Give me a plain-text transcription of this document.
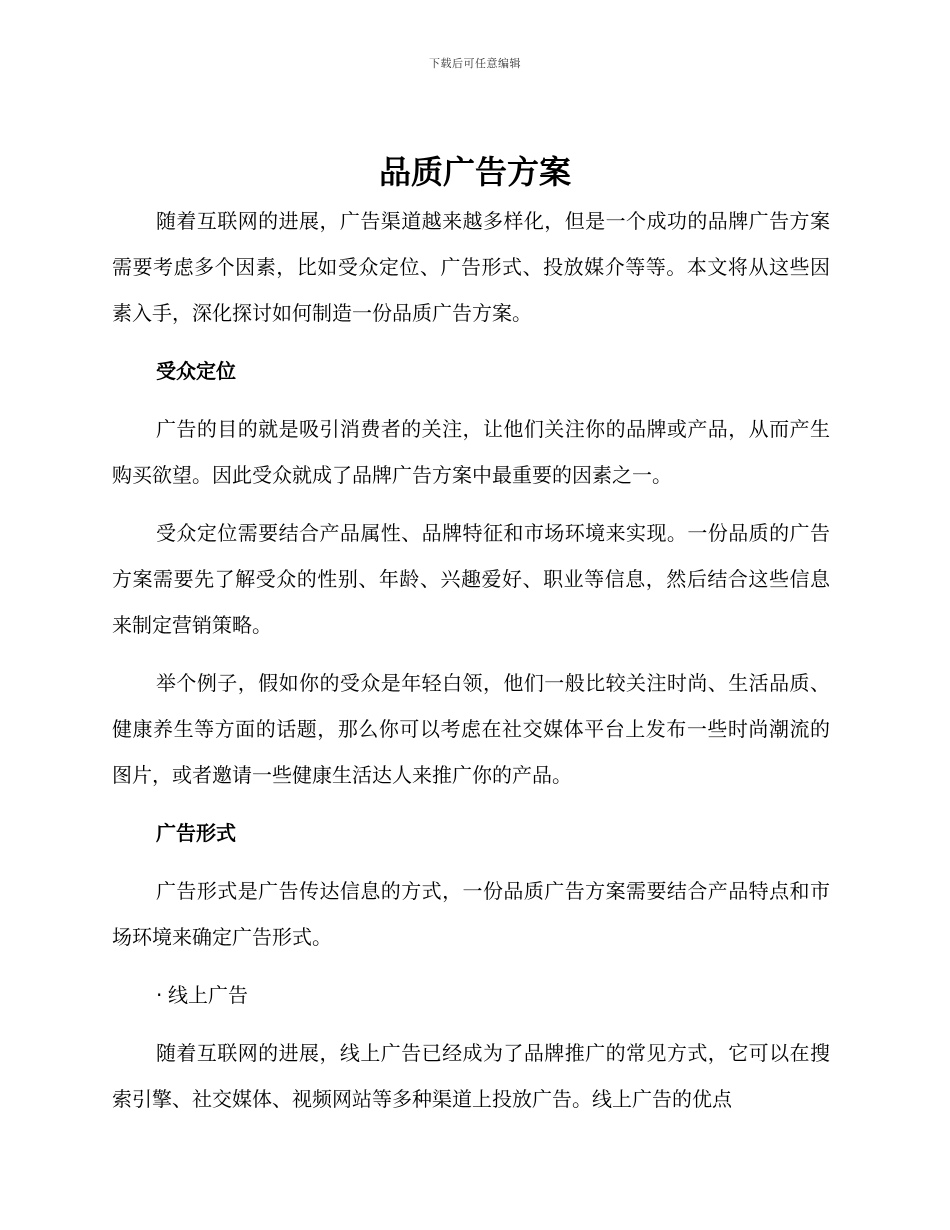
下载后可任意编辑
品质广告方案

随着互联网的进展，广告渠道越来越多样化，但是一个成功的品牌广告方案需要考虑多个因素，比如受众定位、广告形式、投放媒介等等。本文将从这些因素入手，深化探讨如何制造一份品质广告方案。

受众定位

广告的目的就是吸引消费者的关注，让他们关注你的品牌或产品，从而产生购买欲望。因此受众就成了品牌广告方案中最重要的因素之一。

受众定位需要结合产品属性、品牌特征和市场环境来实现。一份品质的广告方案需要先了解受众的性别、年龄、兴趣爱好、职业等信息，然后结合这些信息来制定营销策略。

举个例子，假如你的受众是年轻白领，他们一般比较关注时尚、生活品质、健康养生等方面的话题，那么你可以考虑在社交媒体平台上发布一些时尚潮流的图片，或者邀请一些健康生活达人来推广你的产品。

广告形式

广告形式是广告传达信息的方式，一份品质广告方案需要结合产品特点和市场环境来确定广告形式。

· 线上广告

随着互联网的进展，线上广告已经成为了品牌推广的常见方式，它可以在搜索引擎、社交媒体、视频网站等多种渠道上投放广告。线上广告的优点
